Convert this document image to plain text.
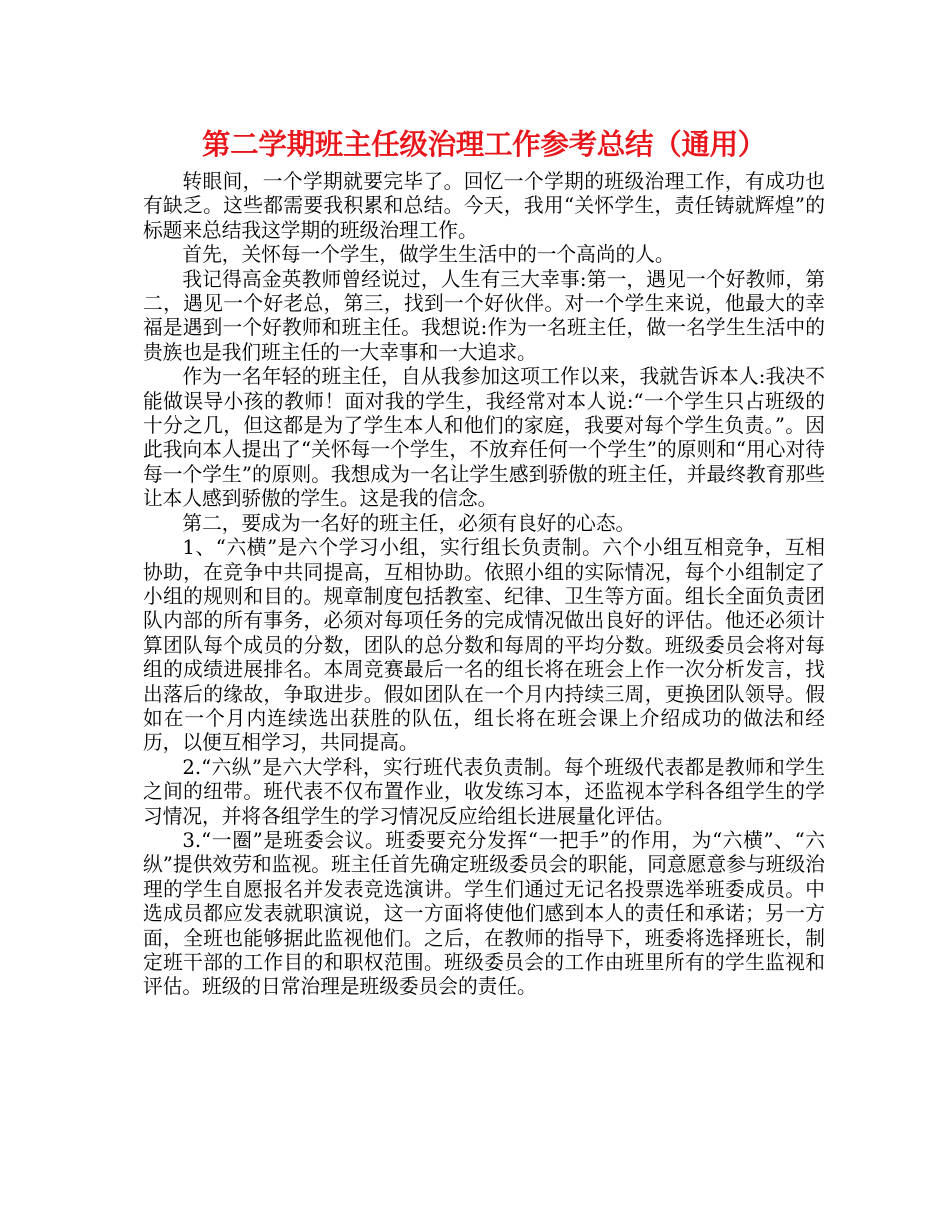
第二学期班主任级治理工作参考总结（通用）

转眼间，一个学期就要完毕了。回忆一个学期的班级治理工作，有成功也有缺乏。这些都需要我积累和总结。今天，我用“关怀学生，责任铸就辉煌”的标题来总结我这学期的班级治理工作。

首先，关怀每一个学生，做学生生活中的一个高尚的人。

我记得高金英教师曾经说过，人生有三大幸事:第一，遇见一个好教师，第二，遇见一个好老总，第三，找到一个好伙伴。对一个学生来说，他最大的幸福是遇到一个好教师和班主任。我想说:作为一名班主任，做一名学生生活中的贵族也是我们班主任的一大幸事和一大追求。

作为一名年轻的班主任，自从我参加这项工作以来，我就告诉本人:我决不能做误导小孩的教师！面对我的学生，我经常对本人说:“一个学生只占班级的十分之几，但这都是为了学生本人和他们的家庭，我要对每个学生负责。”。因此我向本人提出了“关怀每一个学生，不放弃任何一个学生”的原则和“用心对待每一个学生”的原则。我想成为一名让学生感到骄傲的班主任，并最终教育那些让本人感到骄傲的学生。这是我的信念。

第二，要成为一名好的班主任，必须有良好的心态。

1、“六横”是六个学习小组，实行组长负责制。六个小组互相竞争，互相协助，在竞争中共同提高，互相协助。依照小组的实际情况，每个小组制定了小组的规则和目的。规章制度包括教室、纪律、卫生等方面。组长全面负责团队内部的所有事务，必须对每项任务的完成情况做出良好的评估。他还必须计算团队每个成员的分数，团队的总分数和每周的平均分数。班级委员会将对每组的成绩进展排名。本周竞赛最后一名的组长将在班会上作一次分析发言，找出落后的缘故，争取进步。假如团队在一个月内持续三周，更换团队领导。假如在一个月内连续选出获胜的队伍，组长将在班会课上介绍成功的做法和经历，以便互相学习，共同提高。

2.“六纵”是六大学科，实行班代表负责制。每个班级代表都是教师和学生之间的纽带。班代表不仅布置作业，收发练习本，还监视本学科各组学生的学习情况，并将各组学生的学习情况反应给组长进展量化评估。

3.“一圈”是班委会议。班委要充分发挥“一把手”的作用，为“六横”、“六纵”提供效劳和监视。班主任首先确定班级委员会的职能，同意愿意参与班级治理的学生自愿报名并发表竞选演讲。学生们通过无记名投票选举班委成员。中选成员都应发表就职演说，这一方面将使他们感到本人的责任和承诺；另一方面，全班也能够据此监视他们。之后，在教师的指导下，班委将选择班长，制定班干部的工作目的和职权范围。班级委员会的工作由班里所有的学生监视和评估。班级的日常治理是班级委员会的责任。
